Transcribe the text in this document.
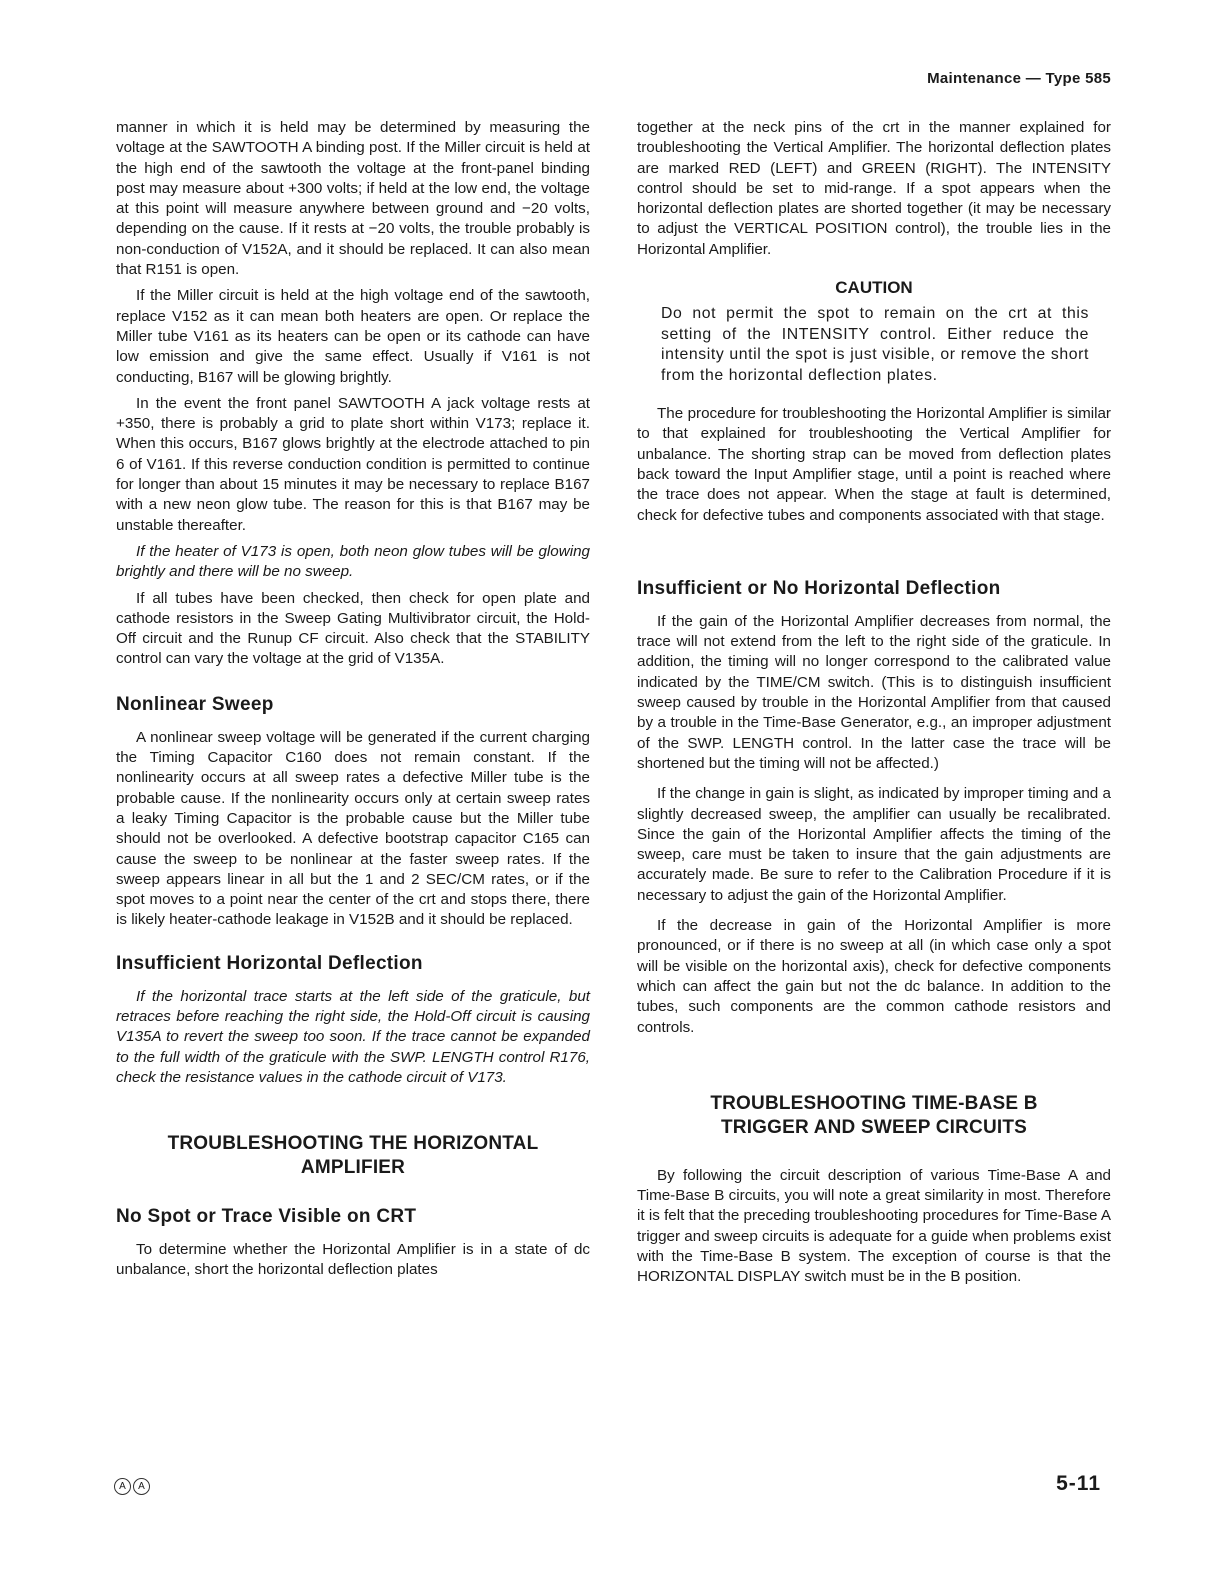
Maintenance — Type 585

manner in which it is held may be determined by measuring the voltage at the SAWTOOTH A binding post. If the Miller circuit is held at the high end of the sawtooth the voltage at the front-panel binding post may measure about +300 volts; if held at the low end, the voltage at this point will measure anywhere between ground and −20 volts, depending on the cause. If it rests at −20 volts, the trouble probably is non-conduction of V152A, and it should be replaced. It can also mean that R151 is open.

If the Miller circuit is held at the high voltage end of the sawtooth, replace V152 as it can mean both heaters are open. Or replace the Miller tube V161 as its heaters can be open or its cathode can have low emission and give the same effect. Usually if V161 is not conducting, B167 will be glowing brightly.

In the event the front panel SAWTOOTH A jack voltage rests at +350, there is probably a grid to plate short within V173; replace it. When this occurs, B167 glows brightly at the electrode attached to pin 6 of V161. If this reverse conduction condition is permitted to continue for longer than about 15 minutes it may be necessary to replace B167 with a new neon glow tube. The reason for this is that B167 may be unstable thereafter.

If the heater of V173 is open, both neon glow tubes will be glowing brightly and there will be no sweep.

If all tubes have been checked, then check for open plate and cathode resistors in the Sweep Gating Multivibrator circuit, the Hold-Off circuit and the Runup CF circuit. Also check that the STABILITY control can vary the voltage at the grid of V135A.

Nonlinear Sweep

A nonlinear sweep voltage will be generated if the current charging the Timing Capacitor C160 does not remain constant. If the nonlinearity occurs at all sweep rates a defective Miller tube is the probable cause. If the nonlinearity occurs only at certain sweep rates a leaky Timing Capacitor is the probable cause but the Miller tube should not be overlooked. A defective bootstrap capacitor C165 can cause the sweep to be nonlinear at the faster sweep rates. If the sweep appears linear in all but the 1 and 2 SEC/CM rates, or if the spot moves to a point near the center of the crt and stops there, there is likely heater-cathode leakage in V152B and it should be replaced.

Insufficient Horizontal Deflection

If the horizontal trace starts at the left side of the graticule, but retraces before reaching the right side, the Hold-Off circuit is causing V135A to revert the sweep too soon. If the trace cannot be expanded to the full width of the graticule with the SWP. LENGTH control R176, check the resistance values in the cathode circuit of V173.

TROUBLESHOOTING THE HORIZONTAL
AMPLIFIER
No Spot or Trace Visible on CRT

To determine whether the Horizontal Amplifier is in a state of dc unbalance, short the horizontal deflection plates

together at the neck pins of the crt in the manner explained for troubleshooting the Vertical Amplifier. The horizontal deflection plates are marked RED (LEFT) and GREEN (RIGHT). The INTENSITY control should be set to mid-range. If a spot appears when the horizontal deflection plates are shorted together (it may be necessary to adjust the VERTICAL POSITION control), the trouble lies in the Horizontal Amplifier.

CAUTION
Do not permit the spot to remain on the crt at this setting of the INTENSITY control. Either reduce the intensity until the spot is just visible, or remove the short from the horizontal deflection plates.

The procedure for troubleshooting the Horizontal Amplifier is similar to that explained for troubleshooting the Vertical Amplifier for unbalance. The shorting strap can be moved from deflection plates back toward the Input Amplifier stage, until a point is reached where the trace does not appear. When the stage at fault is determined, check for defective tubes and components associated with that stage.

Insufficient or No Horizontal Deflection

If the gain of the Horizontal Amplifier decreases from normal, the trace will not extend from the left to the right side of the graticule. In addition, the timing will no longer correspond to the calibrated value indicated by the TIME/CM switch. (This is to distinguish insufficient sweep caused by trouble in the Horizontal Amplifier from that caused by a trouble in the Time-Base Generator, e.g., an improper adjustment of the SWP. LENGTH control. In the latter case the trace will be shortened but the timing will not be affected.)

If the change in gain is slight, as indicated by improper timing and a slightly decreased sweep, the amplifier can usually be recalibrated. Since the gain of the Horizontal Amplifier affects the timing of the sweep, care must be taken to insure that the gain adjustments are accurately made. Be sure to refer to the Calibration Procedure if it is necessary to adjust the gain of the Horizontal Amplifier.

If the decrease in gain of the Horizontal Amplifier is more pronounced, or if there is no sweep at all (in which case only a spot will be visible on the horizontal axis), check for defective components which can affect the gain but not the dc balance. In addition to the tubes, such components are the common cathode resistors and controls.

TROUBLESHOOTING TIME-BASE B
TRIGGER AND SWEEP CIRCUITS

By following the circuit description of various Time-Base A and Time-Base B circuits, you will note a great similarity in most. Therefore it is felt that the preceding troubleshooting procedures for Time-Base A trigger and sweep circuits is adequate for a guide when problems exist with the Time-Base B system. The exception of course is that the HORIZONTAL DISPLAY switch must be in the B position.

A	A	5-11
